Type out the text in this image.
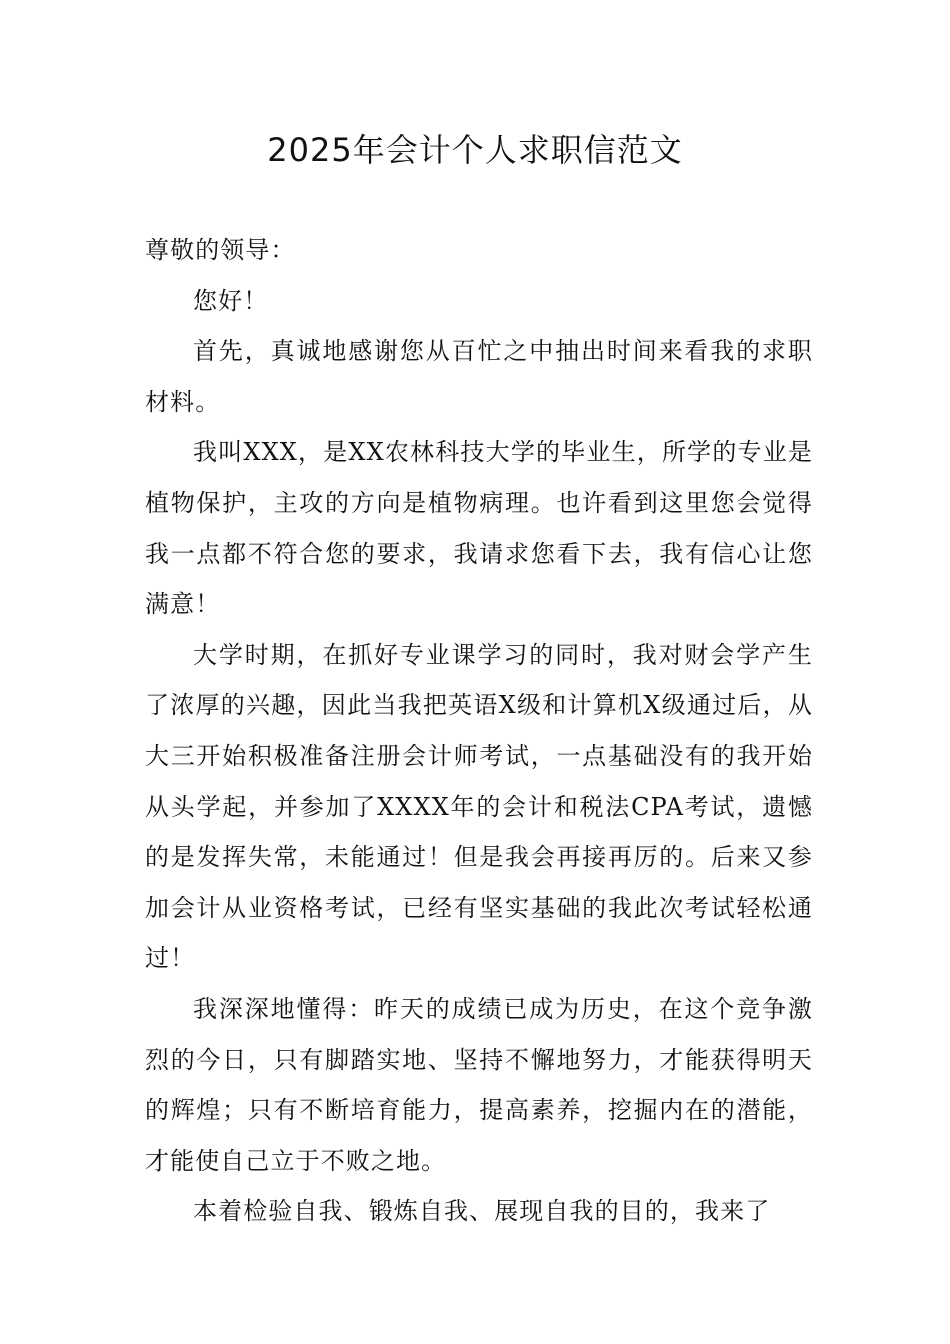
2025年会计个人求职信范文

尊敬的领导：

您好！

首先，真诚地感谢您从百忙之中抽出时间来看我的求职材料。

我叫XXX，是XX农林科技大学的毕业生，所学的专业是植物保护，主攻的方向是植物病理。也许看到这里您会觉得我一点都不符合您的要求，我请求您看下去，我有信心让您满意！

大学时期，在抓好专业课学习的同时，我对财会学产生了浓厚的兴趣，因此当我把英语X级和计算机X级通过后，从大三开始积极准备注册会计师考试，一点基础没有的我开始从头学起，并参加了XXXX年的会计和税法CPA考试，遗憾的是发挥失常，未能通过！但是我会再接再厉的。后来又参加会计从业资格考试，已经有坚实基础的我此次考试轻松通过！

我深深地懂得：昨天的成绩已成为历史，在这个竞争激烈的今日，只有脚踏实地、坚持不懈地努力，才能获得明天的辉煌；只有不断培育能力，提高素养，挖掘内在的潜能，才能使自己立于不败之地。

本着检验自我、锻炼自我、展现自我的目的，我来了
